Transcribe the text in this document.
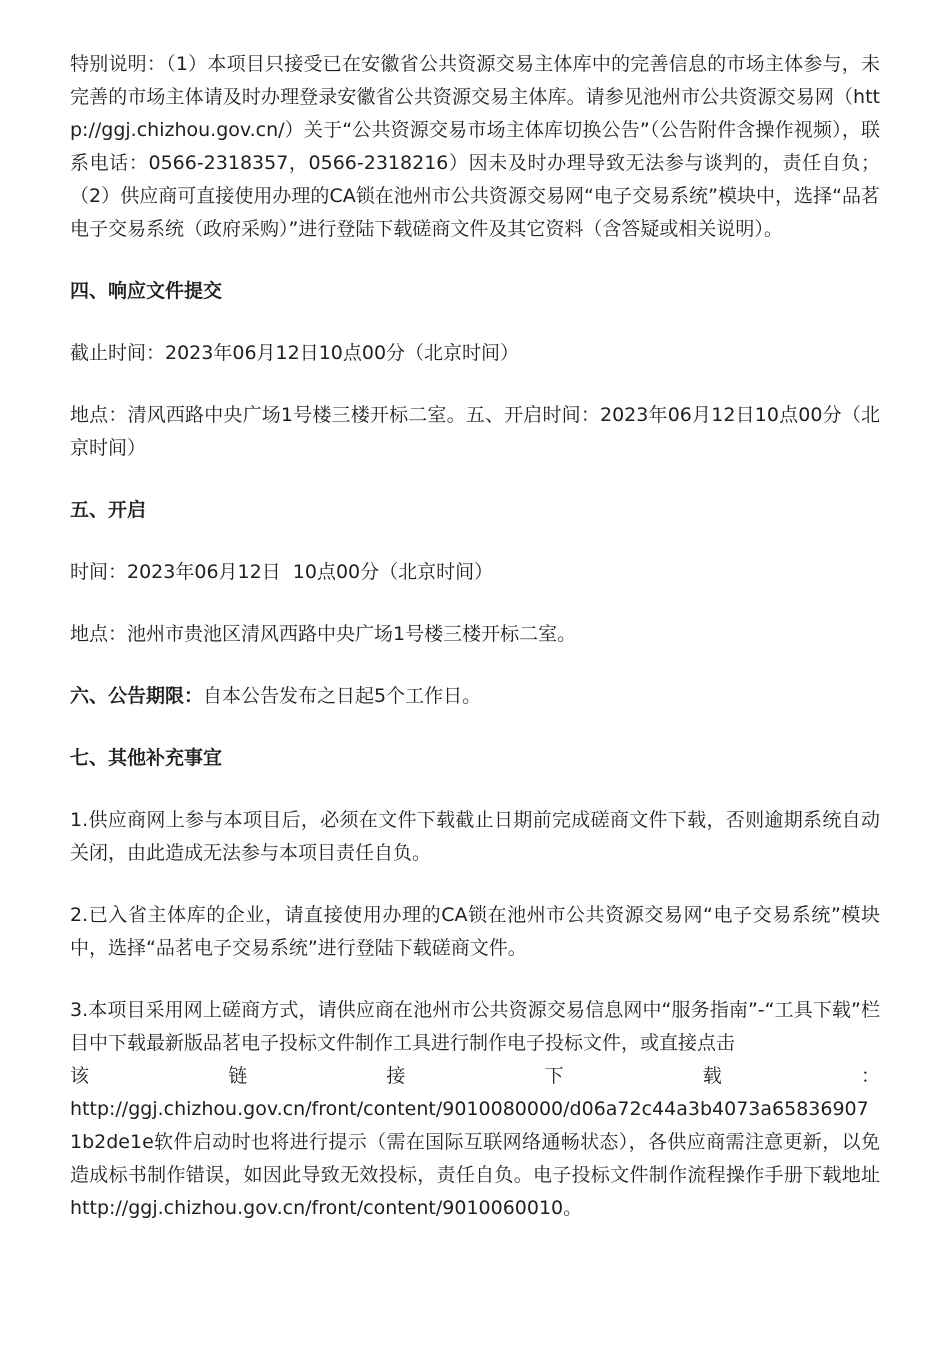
特别说明：（1）本项目只接受已在安徽省公共资源交易主体库中的完善信息的市场主体参与，未完善的市场主体请及时办理登录安徽省公共资源交易主体库。请参见池州市公共资源交易网（http://ggj.chizhou.gov.cn/）关于“公共资源交易市场主体库切换公告”（公告附件含操作视频），联系电话：0566-2318357，0566-2318216）因未及时办理导致无法参与谈判的，责任自负；（2）供应商可直接使用办理的CA锁在池州市公共资源交易网“电子交易系统”模块中，选择“品茗电子交易系统（政府采购）”进行登陆下载磋商文件及其它资料（含答疑或相关说明）。

四、响应文件提交

截止时间：2023年06月12日10点00分（北京时间）

地点：清风西路中央广场1号楼三楼开标二室。五、开启时间：2023年06月12日10点00分（北京时间）

五、开启

时间：2023年06月12日  10点00分（北京时间）

地点：池州市贵池区清风西路中央广场1号楼三楼开标二室。

六、公告期限：自本公告发布之日起5个工作日。

七、其他补充事宜

1.供应商网上参与本项目后，必须在文件下载截止日期前完成磋商文件下载，否则逾期系统自动关闭，由此造成无法参与本项目责任自负。

2.已入省主体库的企业，请直接使用办理的CA锁在池州市公共资源交易网“电子交易系统”模块中，选择“品茗电子交易系统”进行登陆下载磋商文件。

3.本项目采用网上磋商方式，请供应商在池州市公共资源交易信息网中“服务指南”-“工具下载”栏目中下载最新版品茗电子投标文件制作工具进行制作电子投标文件，或直接点击

该	链	接	下	载	：

http://ggj.chizhou.gov.cn/front/content/9010080000/d06a72c44a3b4073a658369071b2de1e软件启动时也将进行提示（需在国际互联网络通畅状态），各供应商需注意更新，以免造成标书制作错误，如因此导致无效投标，责任自负。电子投标文件制作流程操作手册下载地址http://ggj.chizhou.gov.cn/front/content/9010060010。
